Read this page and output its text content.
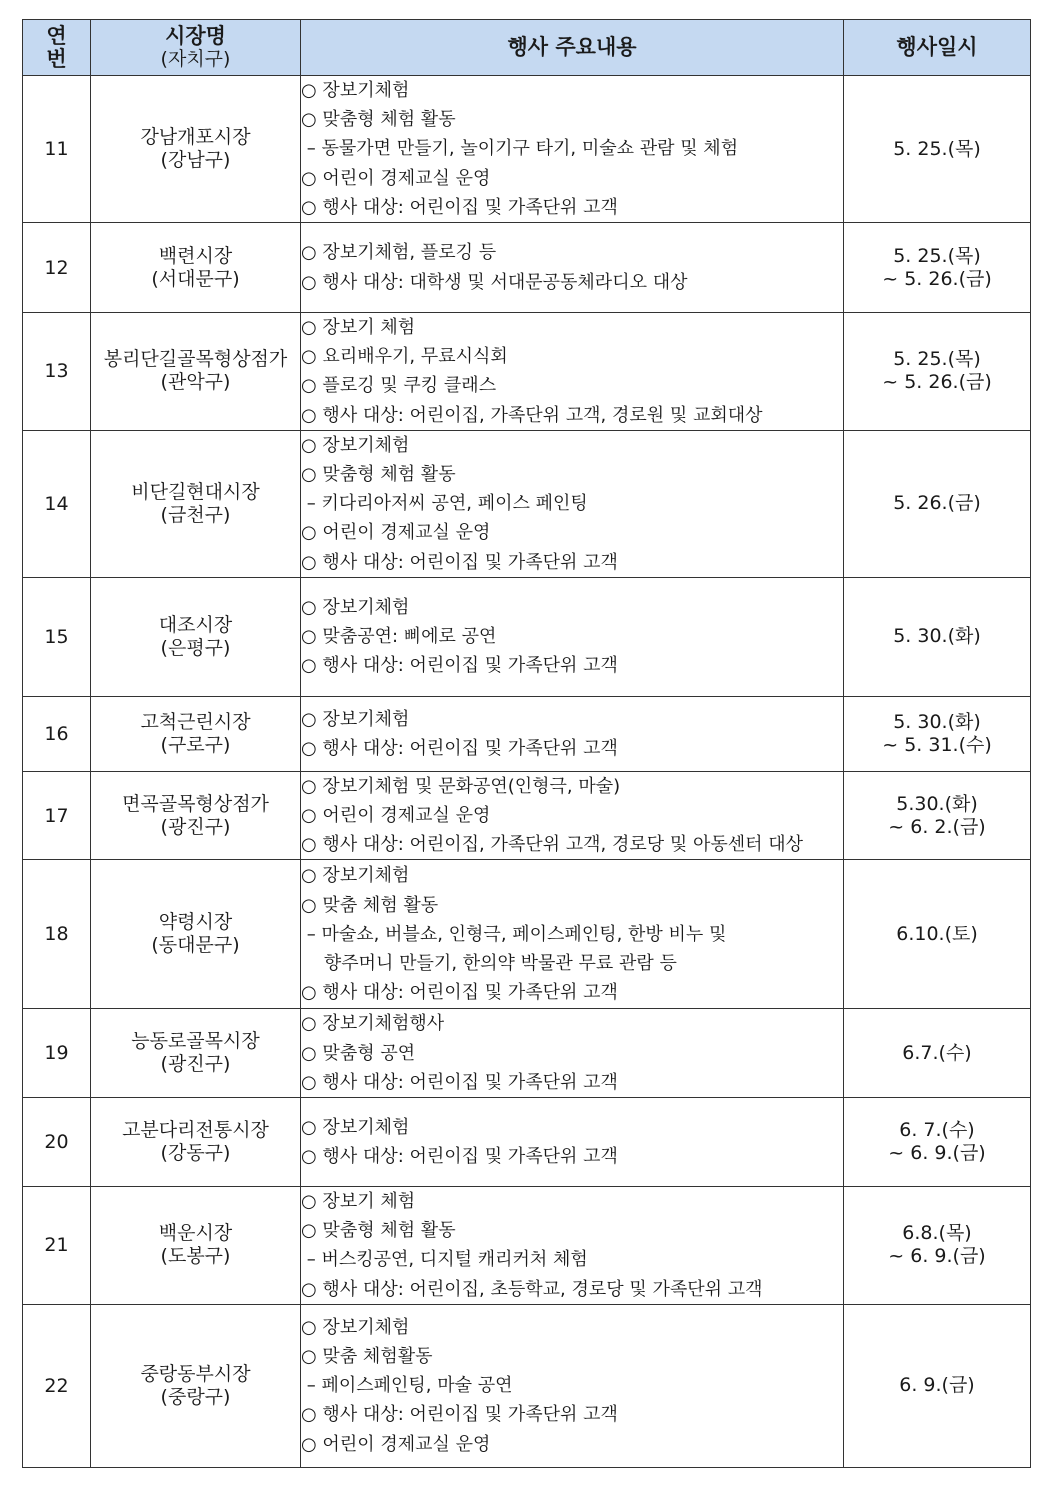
연
번	시장명
(자치구)	행사 주요내용	행사일시
11	강남개포시장
(강남구)	○ 장보기체험
○ 맞춤형 체험 활동
– 동물가면 만들기, 놀이기구 타기, 미술쇼 관람 및 체험
○ 어린이 경제교실 운영
○ 행사 대상: 어린이집 및 가족단위 고객	5. 25.(목)

12	백련시장
(서대문구)	○ 장보기체험, 플로깅 등
○ 행사 대상: 대학생 및 서대문공동체라디오 대상	5. 25.(목)
~ 5. 26.(금)

13	봉리단길골목형상점가
(관악구)	○ 장보기 체험
○ 요리배우기, 무료시식회
○ 플로깅 및 쿠킹 클래스
○ 행사 대상: 어린이집, 가족단위 고객, 경로원 및 교회대상	5. 25.(목)
~ 5. 26.(금)

14	비단길현대시장
(금천구)	○ 장보기체험
○ 맞춤형 체험 활동
– 키다리아저씨 공연, 페이스 페인팅
○ 어린이 경제교실 운영
○ 행사 대상: 어린이집 및 가족단위 고객	5. 26.(금)

15	대조시장
(은평구)	○ 장보기체험
○ 맞춤공연: 삐에로 공연
○ 행사 대상: 어린이집 및 가족단위 고객	5. 30.(화)

16	고척근린시장
(구로구)	○ 장보기체험
○ 행사 대상: 어린이집 및 가족단위 고객	5. 30.(화)
~ 5. 31.(수)

17	면곡골목형상점가
(광진구)	○ 장보기체험 및 문화공연(인형극, 마술)
○ 어린이 경제교실 운영
○ 행사 대상: 어린이집, 가족단위 고객, 경로당 및 아동센터 대상	5.30.(화)
~ 6. 2.(금)

18	약령시장
(동대문구)	○ 장보기체험
○ 맞춤 체험 활동
– 마술쇼, 버블쇼, 인형극, 페이스페인팅, 한방 비누 및
향주머니 만들기, 한의약 박물관 무료 관람 등
○ 행사 대상: 어린이집 및 가족단위 고객	6.10.(토)

19	능동로골목시장
(광진구)	○ 장보기체험행사
○ 맞춤형 공연
○ 행사 대상: 어린이집 및 가족단위 고객	6.7.(수)

20	고분다리전통시장
(강동구)	○ 장보기체험
○ 행사 대상: 어린이집 및 가족단위 고객	6. 7.(수)
~ 6. 9.(금)

21	백운시장
(도봉구)	○ 장보기 체험
○ 맞춤형 체험 활동
– 버스킹공연, 디지털 캐리커처 체험
○ 행사 대상: 어린이집, 초등학교, 경로당 및 가족단위 고객	6.8.(목)
~ 6. 9.(금)

22	중랑동부시장
(중랑구)	○ 장보기체험
○ 맞춤 체험활동
– 페이스페인팅, 마술 공연
○ 행사 대상: 어린이집 및 가족단위 고객
○ 어린이 경제교실 운영	6. 9.(금)
